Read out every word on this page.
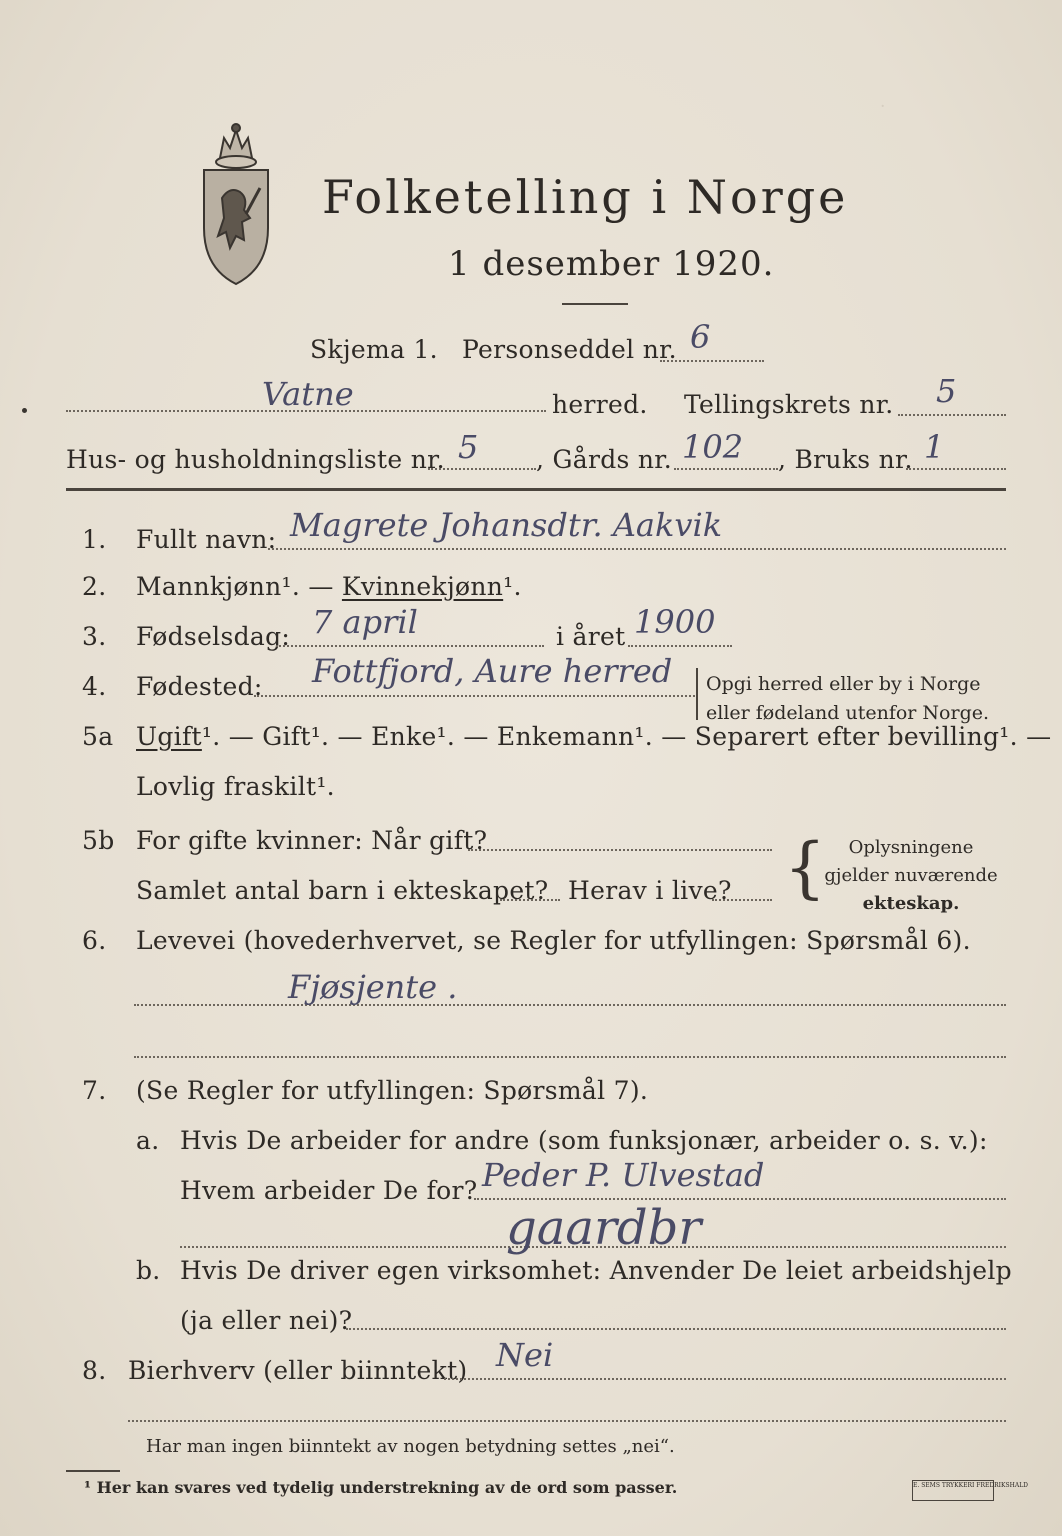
.
Folketelling i Norge
1 desember 1920.
Skjema 1. Personseddel nr. 6
Vatne	herred. Tellingskrets nr. 5
Hus- og husholdningsliste nr. 5 , Gårds nr. 102 , Bruks nr. 1
1. Fullt navn: Magrete Johansdtr. Aakvik
2. Mannkjønn¹. — Kvinnekjønn¹.
3. Fødselsdag: 7 april	i året 1900
4. Fødested: Fottfjord, Aure herred Opgi herred eller by i Norge
eller fødeland utenfor Norge.
5a Ugift¹. — Gift¹. — Enke¹. — Enkemann¹. — Separert efter bevilling¹. —
Lovlig fraskilt¹.
5b For gifte kvinner: Når gift?
Samlet antal barn i ekteskapet? Herav i live? {	Oplysningene
gjelder nuværende
ekteskap.
6. Levevei (hovederhvervet, se Regler for utfyllingen: Spørsmål 6).
Fjøsjente .
7. (Se Regler for utfyllingen: Spørsmål 7).
a. Hvis De arbeider for andre (som funksjonær, arbeider o. s. v.):
Hvem arbeider De for? Peder P. Ulvestad
gaardbr
b. Hvis De driver egen virksomhet: Anvender De leiet arbeidshjelp
(ja eller nei)?
8. Bierhverv (eller biinntekt) Nei
Har man ingen biinntekt av nogen betydning settes „nei“.
¹ Her kan svares ved tydelig understrekning av de ord som passer.	E. SEMS TRYKKERI FREDRIKSHALD
